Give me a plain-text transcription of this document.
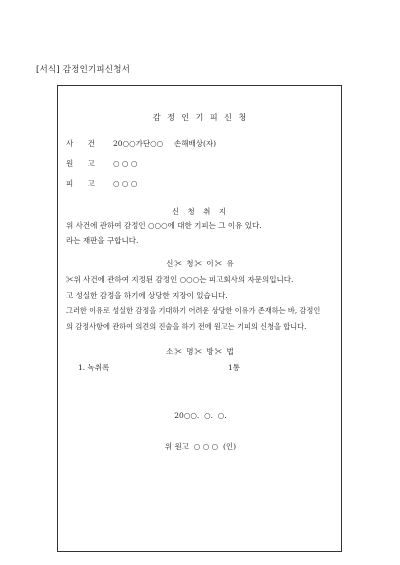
[서식] 감정인기피신청서
감 정 인 기 피 신 청
사 건 20○○가단○○ 손해배상(자)
원 고 ○ ○ ○
피 고 ○ ○ ○
신 청 취 지
위 사건에 관하여 감정인 ○○○에 대한 기피는 그 이유 있다.
라는 재판을 구합니다.
신✂ 청✂ 이✂ 유
✂위 사건에 관하여 지정된 감정인 ○○○는 피고회사의 자문의입니다.
고 성실한 감정을 하기에 상당한 지장이 있습니다.
그러한 이유로 성실한 감정을 기대하기 어려운 상당한 이유가 존재하는 바, 감정인
의 감정사항에 관하여 의견의 진술을 하기 전에 원고는 기피의 신청을 합니다.
소✂ 명✂ 방✂ 법
1. 녹취록	1통
20○○.  ○.  ○.
위 원고  ○ ○ ○  (인)
